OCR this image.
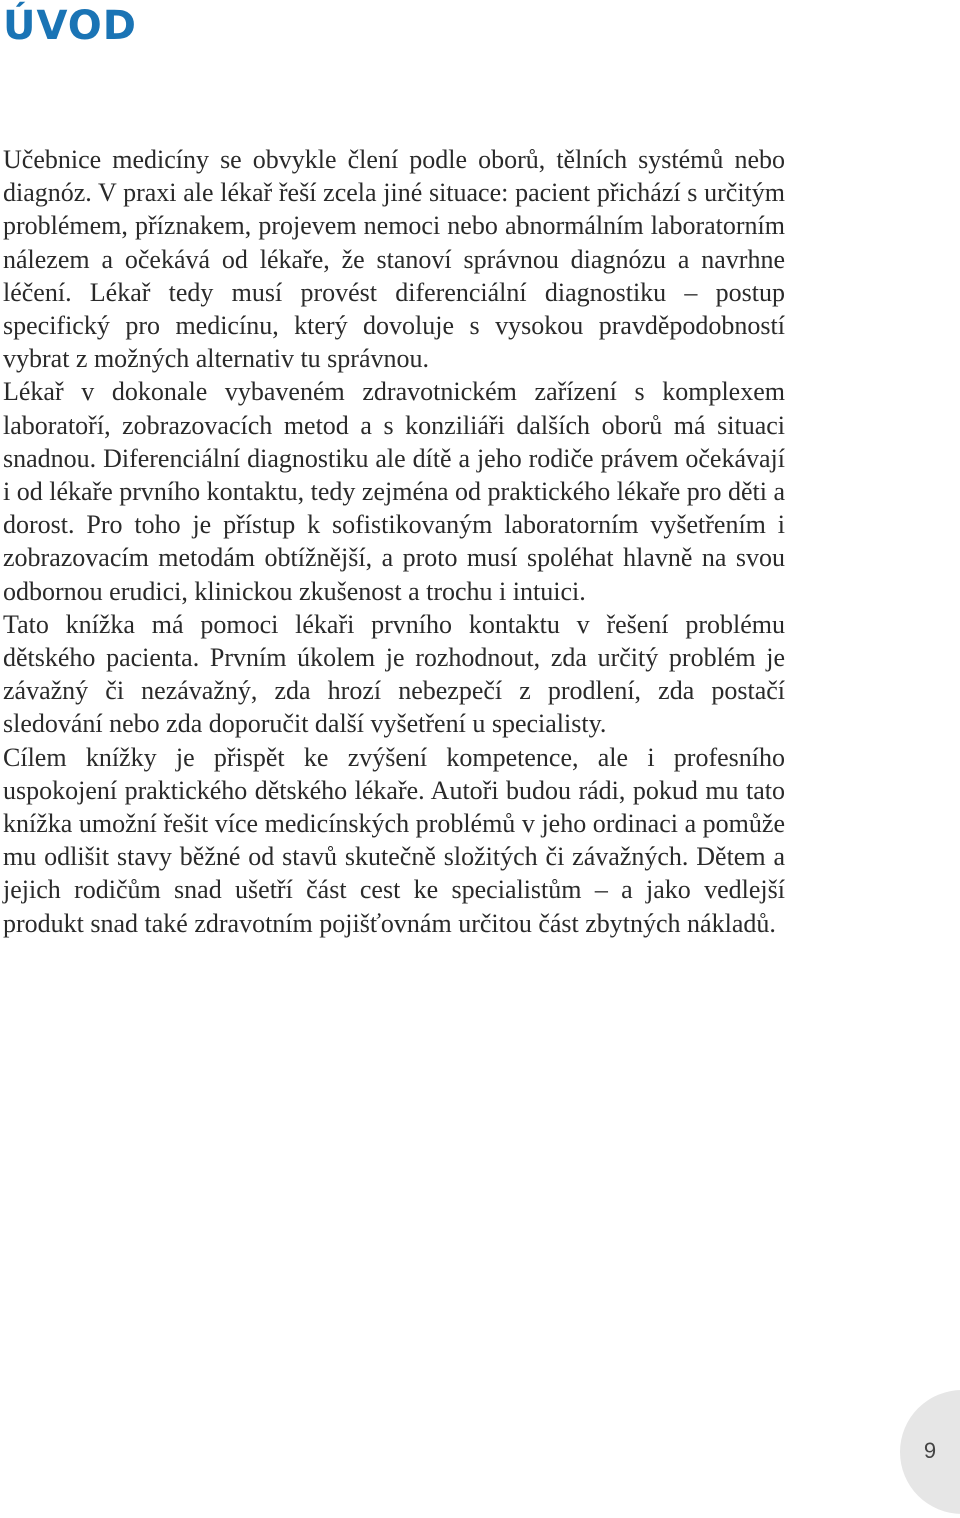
ÚVOD

Učebnice medicíny se obvykle člení podle oborů, tělních systémů nebo diagnóz. V praxi ale lékař řeší zcela jiné situace: pacient přichází s určitým problémem, příznakem, projevem nemoci nebo abnormálním laboratorním nálezem a očekává od lékaře, že stanoví správnou diagnózu a navrhne léčení. Lékař tedy musí provést diferenciální diagnostiku – postup specifický pro medicínu, který dovoluje s vysokou pravděpodobností vybrat z možných alternativ tu správnou.

Lékař v dokonale vybaveném zdravotnickém zařízení s komplexem laboratoří, zobrazovacích metod a s konziliáři dalších oborů má situaci snadnou. Diferenciální diagnostiku ale dítě a jeho rodiče právem očekávají i od lékaře prvního kontaktu, tedy zejména od praktického lékaře pro děti a dorost. Pro toho je přístup k sofistikovaným laboratorním vyšetřením i zobrazovacím metodám obtížnější, a proto musí spoléhat hlavně na svou odbornou erudici, klinickou zkušenost a trochu i intuici.

Tato knížka má pomoci lékaři prvního kontaktu v řešení problému dětského pacienta. Prvním úkolem je rozhodnout, zda určitý problém je závažný či nezávažný, zda hrozí nebezpečí z prodlení, zda postačí sledování nebo zda doporučit další vyšetření u specialisty.

Cílem knížky je přispět ke zvýšení kompetence, ale i profesního uspokojení praktického dětského lékaře. Autoři budou rádi, pokud mu tato knížka umožní řešit více medicínských problémů v jeho ordinaci a pomůže mu odlišit stavy běžné od stavů skutečně složitých či závažných. Dětem a jejich rodičům snad ušetří část cest ke specialistům – a jako vedlejší produkt snad také zdravotním pojišťovnám určitou část zbytných nákladů.

9
